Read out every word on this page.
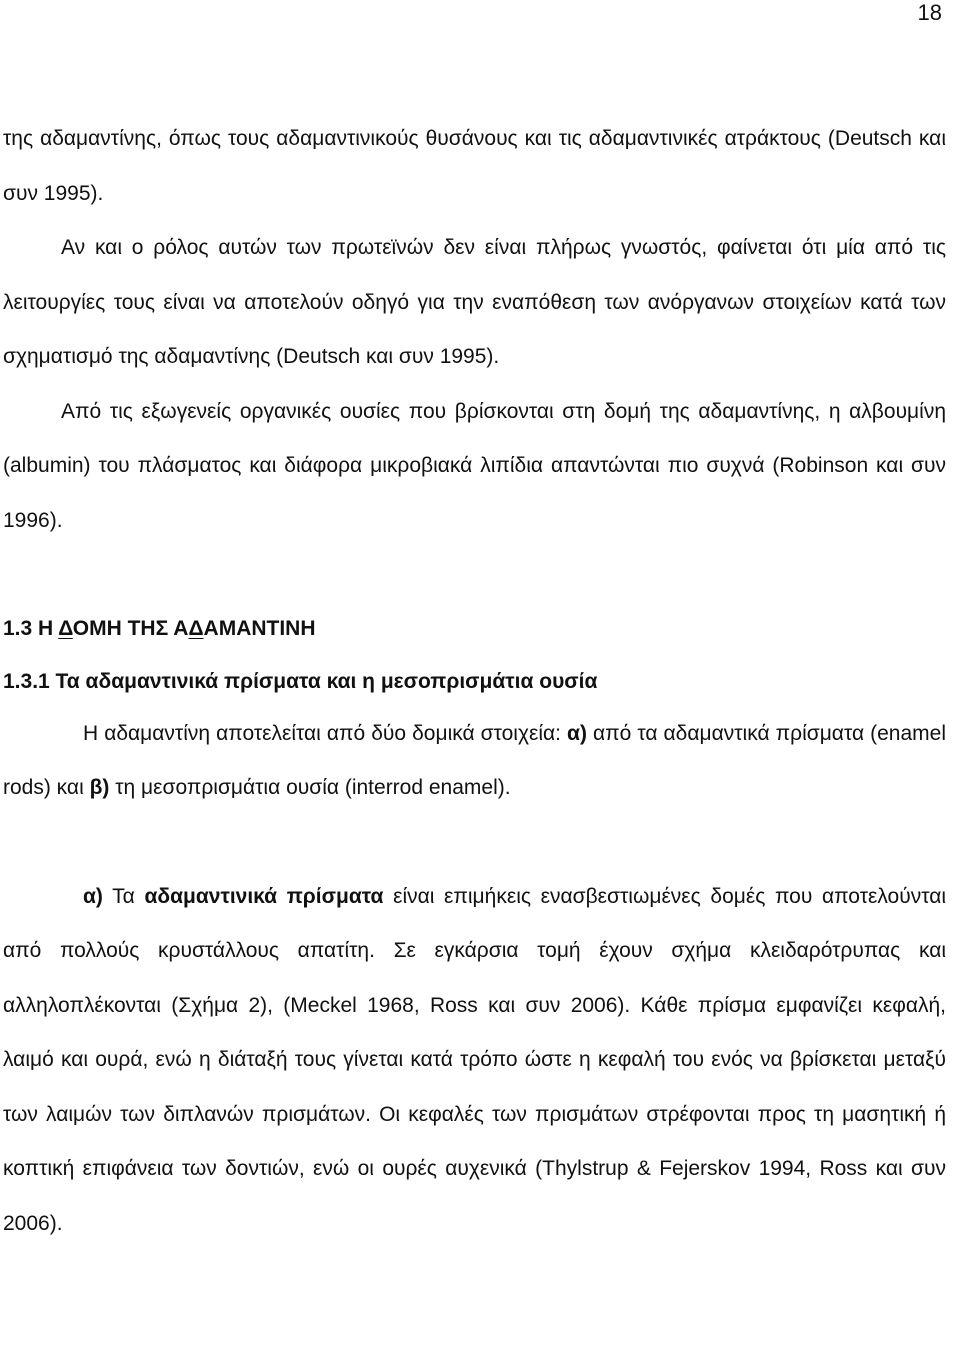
18

της αδαμαντίνης, όπως τους αδαμαντινικούς θυσάνους και τις αδαμαντινικές ατράκτους (Deutsch και συν 1995).

Αν και ο ρόλος αυτών των πρωτεϊνών δεν είναι πλήρως γνωστός, φαίνεται ότι μία από τις λειτουργίες τους είναι να αποτελούν οδηγό για την εναπόθεση των ανόργανων στοιχείων κατά των σχηματισμό της αδαμαντίνης (Deutsch και συν 1995).

Από τις εξωγενείς οργανικές ουσίες που βρίσκονται στη δομή της αδαμαντίνης, η αλβουμίνη (albumin) του πλάσματος και διάφορα μικροβιακά λιπίδια απαντώνται πιο συχνά (Robinson και συν 1996).

1.3 Η ΔΟΜΗ ΤΗΣ ΑΔΑΜΑΝΤΙΝΗ

1.3.1 Τα αδαμαντινικά πρίσματα και η μεσοπρισμάτια ουσία

Η αδαμαντίνη αποτελείται από δύο δομικά στοιχεία: α) από τα αδαμαντικά πρίσματα (enamel rods) και β) τη μεσοπρισμάτια ουσία (interrod enamel).

α) Τα αδαμαντινικά πρίσματα είναι επιμήκεις ενασβεστιωμένες δομές που αποτελούνται από πολλούς κρυστάλλους απατίτη. Σε εγκάρσια τομή έχουν σχήμα κλειδαρότρυπας και αλληλοπλέκονται (Σχήμα 2), (Meckel 1968, Ross και συν 2006). Κάθε πρίσμα εμφανίζει κεφαλή, λαιμό και ουρά, ενώ η διάταξή τους γίνεται κατά τρόπο ώστε η κεφαλή του ενός να βρίσκεται μεταξύ των λαιμών των διπλανών πρισμάτων. Οι κεφαλές των πρισμάτων στρέφονται προς τη μασητική ή κοπτική επιφάνεια των δοντιών, ενώ οι ουρές αυχενικά (Thylstrup & Fejerskov 1994, Ross και συν 2006).
